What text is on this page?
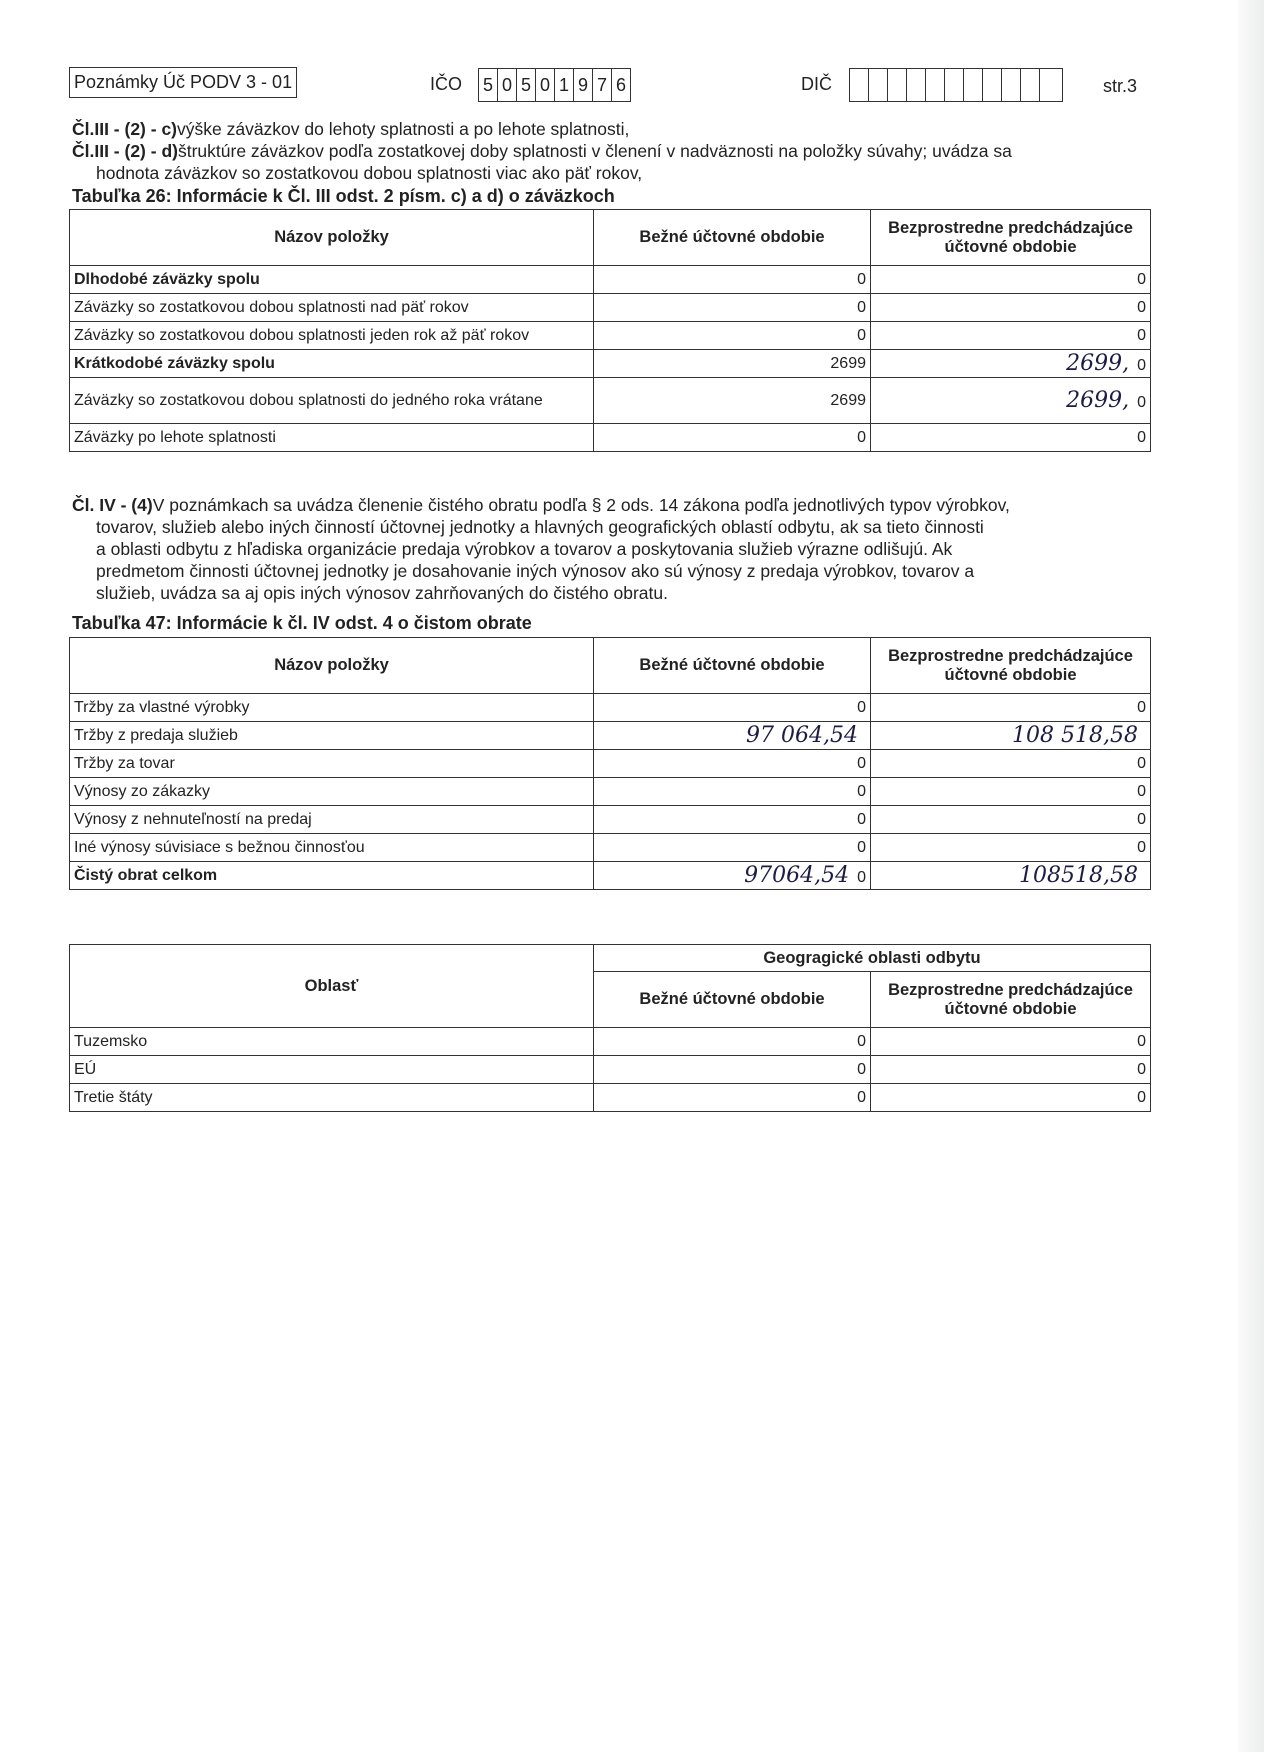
Poznámky Úč PODV 3 - 01	IČO 5 0 5 0 1 9 7 6	DIČ	str.3
Čl.III - (2) - c)výške záväzkov do lehoty splatnosti a po lehote splatnosti,
Čl.III - (2) - d)štruktúre záväzkov podľa zostatkovej doby splatnosti v členení v nadväznosti na položky súvahy; uvádza sa
hodnota záväzkov so zostatkovou dobou splatnosti viac ako päť rokov,
Tabuľka 26: Informácie k Čl. III odst. 2 písm. c) a d) o záväzkoch
Názov položky	Bežné účtovné obdobie	Bezprostredne predchádzajúce účtovné obdobie
Dlhodobé záväzky spolu	0	0
Záväzky so zostatkovou dobou splatnosti nad päť rokov	0	0
Záväzky so zostatkovou dobou splatnosti jeden rok až päť rokov	0	0
Krátkodobé záväzky spolu	2699	2699, 0
Záväzky so zostatkovou dobou splatnosti do jedného roka vrátane	2699	2699, 0
Záväzky po lehote splatnosti	0	0
Čl. IV - (4)V poznámkach sa uvádza členenie čistého obratu podľa § 2 ods. 14 zákona podľa jednotlivých typov výrobkov,
tovarov, služieb alebo iných činností účtovnej jednotky a hlavných geografických oblastí odbytu, ak sa tieto činnosti
a oblasti odbytu z hľadiska organizácie predaja výrobkov a tovarov a poskytovania služieb výrazne odlišujú. Ak
predmetom činnosti účtovnej jednotky je dosahovanie iných výnosov ako sú výnosy z predaja výrobkov, tovarov a
služieb, uvádza sa aj opis iných výnosov zahrňovaných do čistého obratu.
Tabuľka 47: Informácie k čl. IV odst. 4 o čistom obrate
Názov položky	Bežné účtovné obdobie	Bezprostredne predchádzajúce účtovné obdobie
Tržby za vlastné výrobky	0	0
Tržby z predaja služieb	97 064,54	108 518,58
Tržby za tovar	0	0
Výnosy zo zákazky	0	0
Výnosy z nehnuteľností na predaj	0	0
Iné výnosy súvisiace s bežnou činnosťou	0	0
Čistý obrat celkom	97064,54 0	108518,58
Oblasť	Geogragické oblasti odbytu	
	Bežné účtovné obdobie	Bezprostredne predchádzajúce účtovné obdobie
Tuzemsko	0	0
EÚ	0	0
Tretie štáty	0	0
